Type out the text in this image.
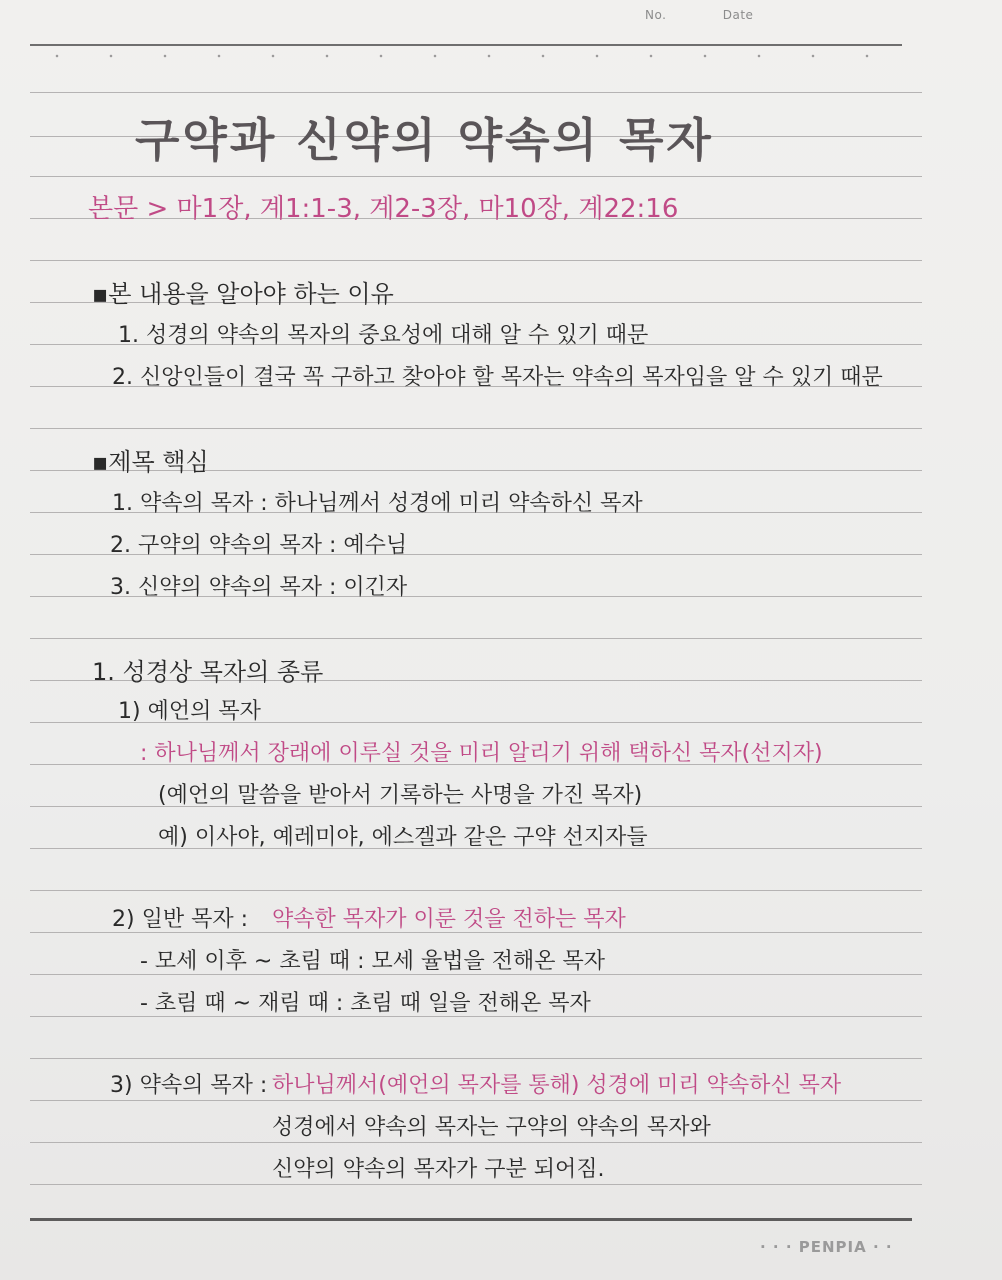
No.	Date
구약과 신약의 약속의 목자
본문 > 마1장, 계1:1-3, 계2-3장, 마10장, 계22:16
▪본 내용을 알아야 하는 이유
1. 성경의 약속의 목자의 중요성에 대해 알 수 있기 때문
2. 신앙인들이 결국 꼭 구하고 찾아야 할 목자는 약속의 목자임을 알 수 있기 때문
▪제목 핵심
1. 약속의 목자 : 하나님께서 성경에 미리 약속하신 목자
2. 구약의 약속의 목자 : 예수님
3. 신약의 약속의 목자 : 이긴자
1. 성경상 목자의 종류
1) 예언의 목자
: 하나님께서 장래에 이루실 것을 미리 알리기 위해 택하신 목자(선지자)
(예언의 말씀을 받아서 기록하는 사명을 가진 목자)
예) 이사야, 예레미야, 에스겔과 같은 구약 선지자들
2) 일반 목자 : 약속한 목자가 이룬 것을 전하는 목자
- 모세 이후 ~ 초림 때 : 모세 율법을 전해온 목자
- 초림 때 ~ 재림 때 : 초림 때 일을 전해온 목자
3) 약속의 목자 : 하나님께서(예언의 목자를 통해) 성경에 미리 약속하신 목자
성경에서 약속의 목자는 구약의 약속의 목자와
신약의 약속의 목자가 구분 되어짐.
· · · PENPIA · ·
